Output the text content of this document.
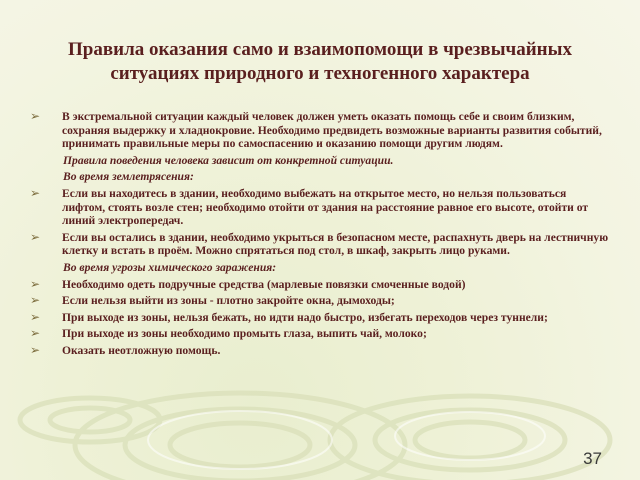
Правила оказания само и взаимопомощи в чрезвычайных
ситуациях природного и техногенного характера
➢ В экстремальной ситуации каждый человек должен уметь оказать помощь себе и своим близким, сохраняя выдержку и хладнокровие. Необходимо предвидеть возможные варианты развития событий, принимать правильные меры по самоспасению и оказанию помощи другим людям.
Правила поведения человека зависит от конкретной ситуации.
Во время землетрясения:
➢ Если вы находитесь в здании, необходимо выбежать на открытое место, но нельзя пользоваться лифтом, стоять возле стен; необходимо отойти от здания на расстояние равное его высоте, отойти от линий электропередач.
➢ Если вы остались в здании, необходимо укрыться в безопасном месте, распахнуть дверь на лестничную клетку и встать в проём. Можно спрятаться под стол, в шкаф, закрыть лицо руками.
Во время угрозы химического заражения:
➢ Необходимо одеть подручные средства (марлевые повязки смоченные водой)
➢ Если нельзя выйти из зоны - плотно закройте окна, дымоходы;
➢ При выходе из зоны, нельзя бежать, но идти надо быстро, избегать переходов через туннели;
➢ При выходе из зоны необходимо промыть глаза, выпить чай, молоко;
➢ Оказать неотложную помощь.
37
